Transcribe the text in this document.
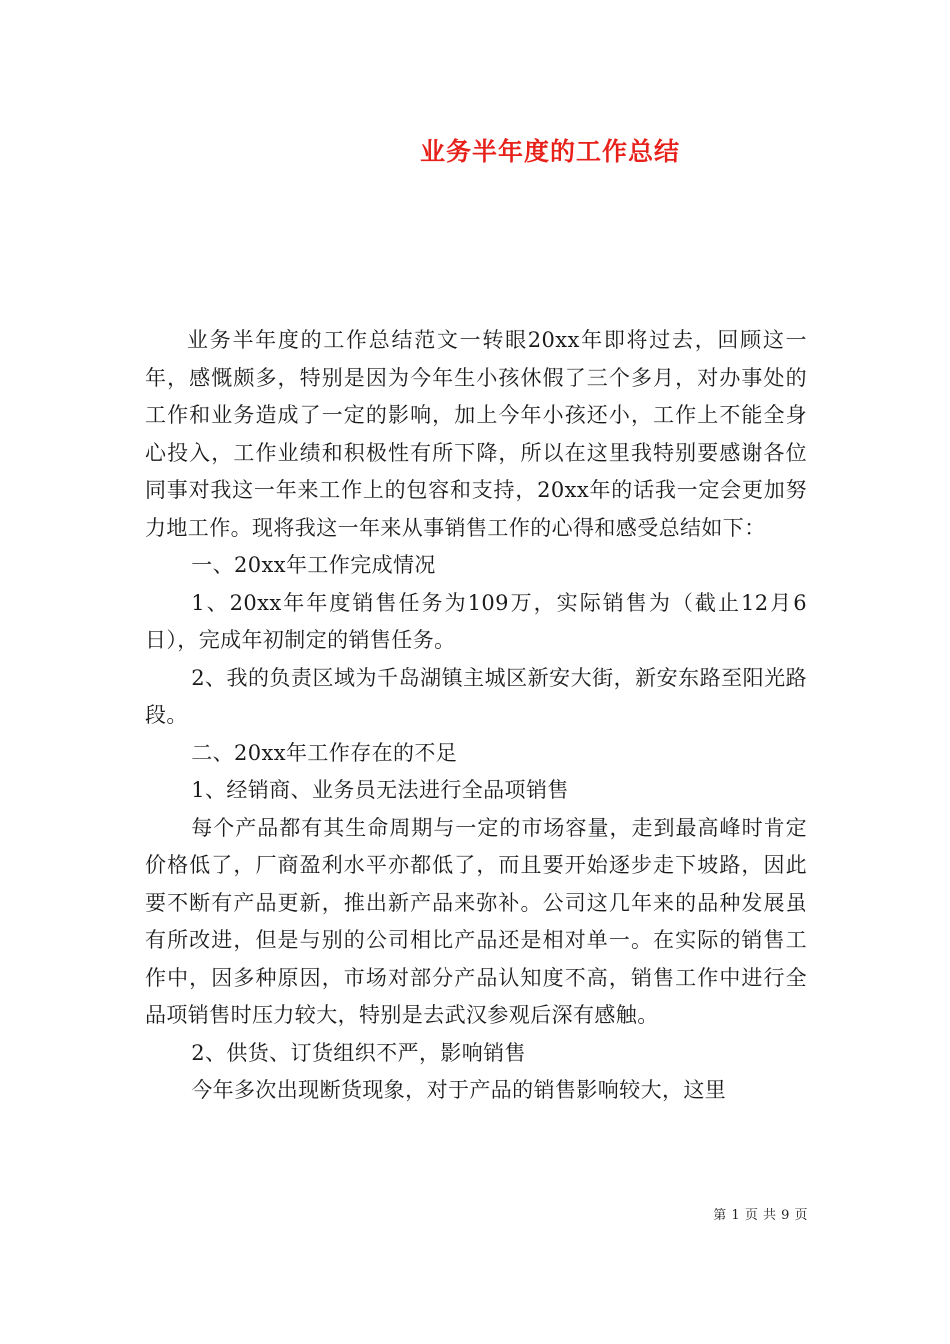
业务半年度的工作总结

业务半年度的工作总结范文一转眼20xx年即将过去，回顾这一年，感慨颇多，特别是因为今年生小孩休假了三个多月，对办事处的工作和业务造成了一定的影响，加上今年小孩还小，工作上不能全身心投入，工作业绩和积极性有所下降，所以在这里我特别要感谢各位同事对我这一年来工作上的包容和支持，20xx年的话我一定会更加努力地工作。现将我这一年来从事销售工作的心得和感受总结如下：

一、20xx年工作完成情况

1、20xx年年度销售任务为109万，实际销售为（截止12月6日），完成年初制定的销售任务。

2、我的负责区域为千岛湖镇主城区新安大街，新安东路至阳光路段。

二、20xx年工作存在的不足

1、经销商、业务员无法进行全品项销售

每个产品都有其生命周期与一定的市场容量，走到最高峰时肯定价格低了，厂商盈利水平亦都低了，而且要开始逐步走下坡路，因此要不断有产品更新，推出新产品来弥补。公司这几年来的品种发展虽有所改进，但是与别的公司相比产品还是相对单一。在实际的销售工作中，因多种原因，市场对部分产品认知度不高，销售工作中进行全品项销售时压力较大，特别是去武汉参观后深有感触。

2、供货、订货组织不严，影响销售

今年多次出现断货现象，对于产品的销售影响较大，这里

第 1 页 共 9 页
